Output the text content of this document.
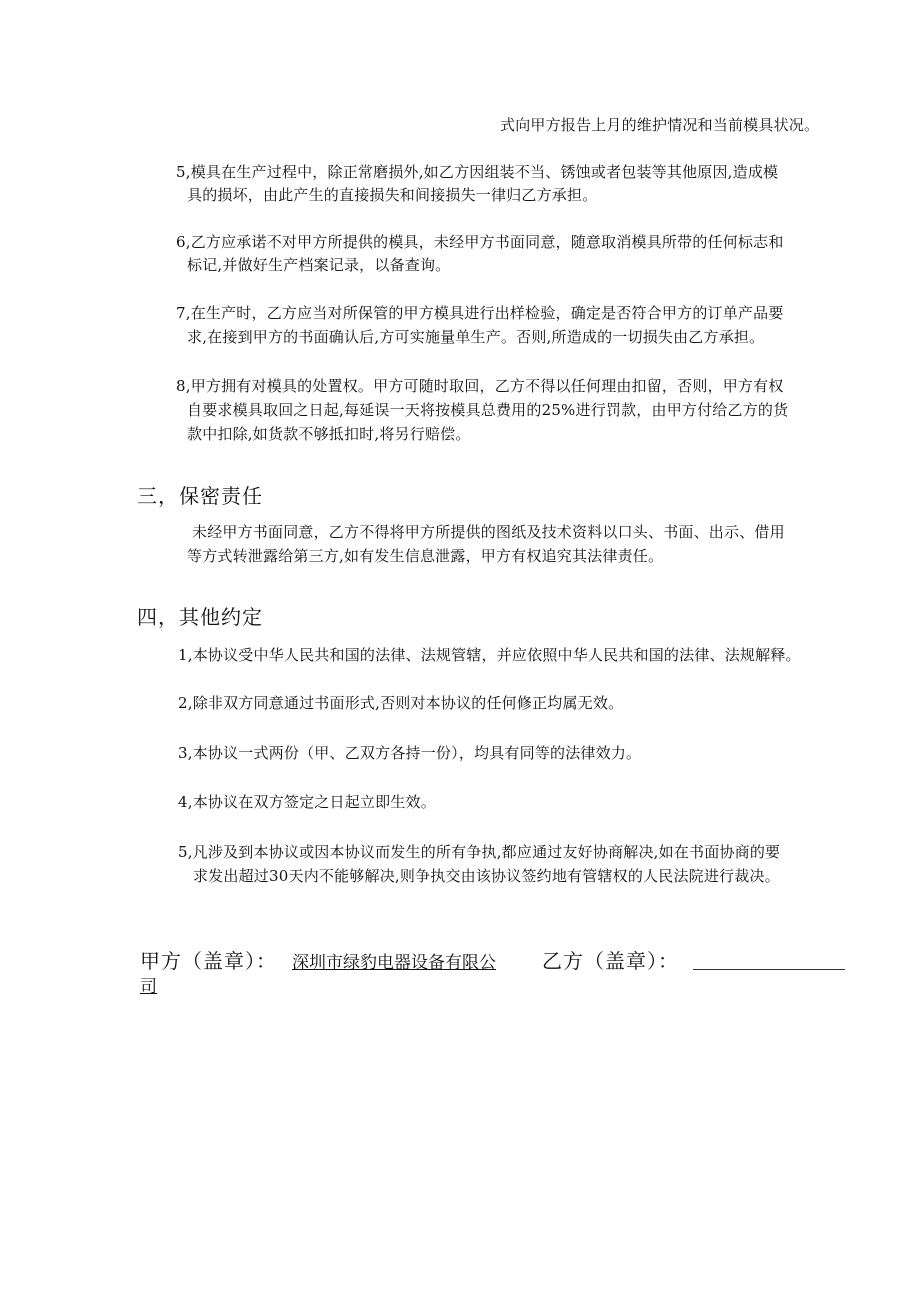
式向甲方报告上月的维护情况和当前模具状况。
5,模具在生产过程中，除正常磨损外,如乙方因组装不当、锈蚀或者包装等其他原因,造成模
具的损坏，由此产生的直接损失和间接损失一律归乙方承担。
6,乙方应承诺不对甲方所提供的模具，未经甲方书面同意，随意取消模具所带的任何标志和
标记,并做好生产档案记录，以备查询。
7,在生产时，乙方应当对所保管的甲方模具进行出样检验，确定是否符合甲方的订单产品要
求,在接到甲方的书面确认后,方可实施量单生产。否则,所造成的一切损失由乙方承担。
8,甲方拥有对模具的处置权。甲方可随时取回，乙方不得以任何理由扣留，否则，甲方有权
自要求模具取回之日起,每延误一天将按模具总费用的25%进行罚款，由甲方付给乙方的货
款中扣除,如货款不够抵扣时,将另行赔偿。
三，保密责任
未经甲方书面同意，乙方不得将甲方所提供的图纸及技术资料以口头、书面、出示、借用
等方式转泄露给第三方,如有发生信息泄露，甲方有权追究其法律责任。
四，其他约定
1,本协议受中华人民共和国的法律、法规管辖，并应依照中华人民共和国的法律、法规解释。
2,除非双方同意通过书面形式,否则对本协议的任何修正均属无效。
3,本协议一式两份（甲、乙双方各持一份），均具有同等的法律效力。
4,本协议在双方签定之日起立即生效。
5,凡涉及到本协议或因本协议而发生的所有争执,都应通过友好协商解决,如在书面协商的要
求发出超过30天内不能够解决,则争执交由该协议签约地有管辖权的人民法院进行裁决。
甲方（盖章）： 深圳市绿豹电器设备有限公
司
乙方（盖章）：
